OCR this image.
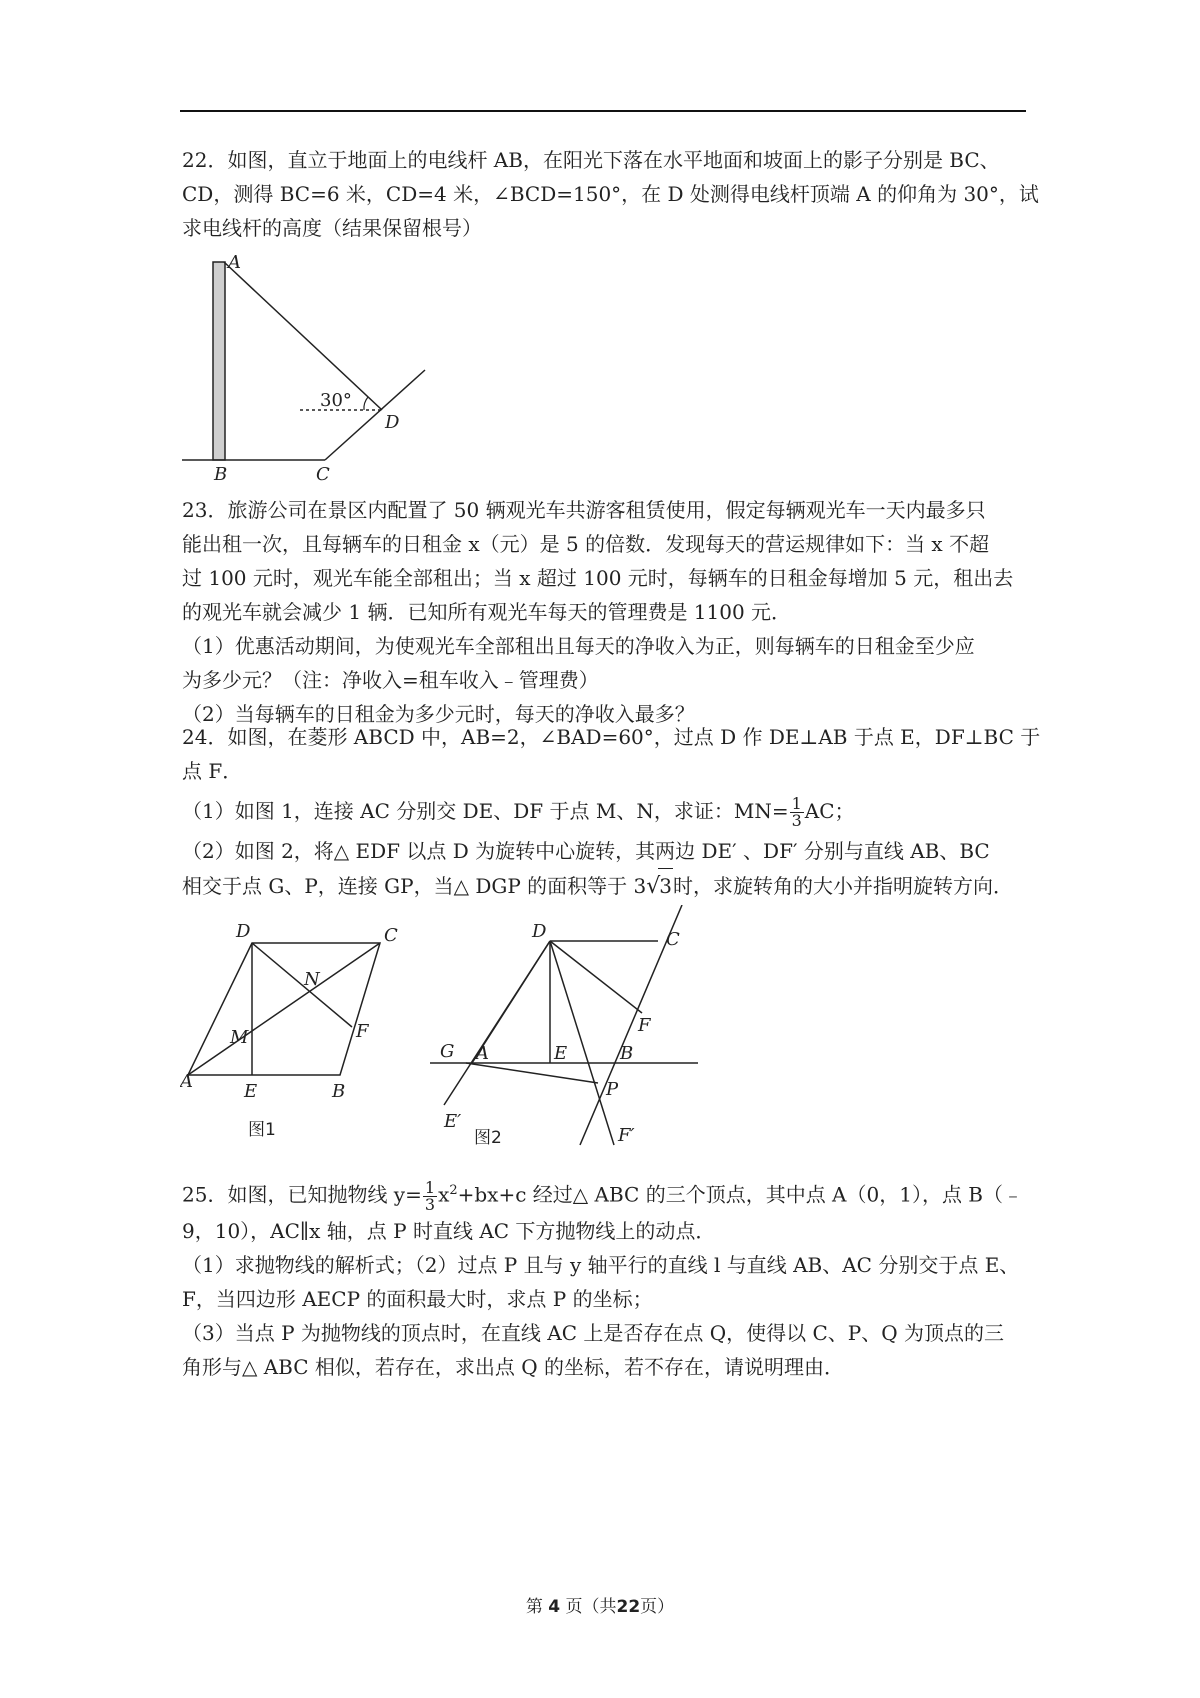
22．如图，直立于地面上的电线杆 AB，在阳光下落在水平地面和坡面上的影子分别是 BC、
CD，测得 BC=6 米，CD=4 米，∠BCD=150°，在 D 处测得电线杆顶端 A 的仰角为 30°，试
求电线杆的高度（结果保留根号）
A
B	C
D
30°
23．旅游公司在景区内配置了 50 辆观光车共游客租赁使用，假定每辆观光车一天内最多只
能出租一次，且每辆车的日租金 x（元）是 5 的倍数．发现每天的营运规律如下：当 x 不超
过 100 元时，观光车能全部租出；当 x 超过 100 元时，每辆车的日租金每增加 5 元，租出去
的观光车就会减少 1 辆．已知所有观光车每天的管理费是 1100 元．
（1）优惠活动期间，为使观光车全部租出且每天的净收入为正，则每辆车的日租金至少应
为多少元？（注：净收入=租车收入﹣管理费）
（2）当每辆车的日租金为多少元时，每天的净收入最多？
24．如图，在菱形 ABCD 中，AB=2，∠BAD=60°，过点 D 作 DE⊥AB 于点 E，DF⊥BC 于
点 F．
（1）如图 1，连接 AC 分别交 DE、DF 于点 M、N，求证：$MN= \frac{1}{3}$ AC；
（2）如图 2，将△ EDF 以点 D 为旋转中心旋转，其两边 DE′ 、DF′ 分别与直线 AB、BC
相交于点 G、P，连接 GP，当△ DGP 的面积等于 3√3时，求旋转角的大小并指明旋转方向．
D	C
N
M	F
A	E	B
图1
D	C
F
G A	E	B
P
E′
F′
图2
25．如图，已知抛物线 $y= \frac{1}{3} x^2+bx+c$ 经过△ ABC 的三个顶点，其中点 A（0，1），点 B（﹣
9，10），AC∥x 轴，点 P 时直线 AC 下方抛物线上的动点．
（1）求抛物线的解析式；（2）过点 P 且与 y 轴平行的直线 l 与直线 AB、AC 分别交于点 E、
F，当四边形 AECP 的面积最大时，求点 P 的坐标；
（3）当点 P 为抛物线的顶点时，在直线 AC 上是否存在点 Q，使得以 C、P、Q 为顶点的三
角形与△ ABC 相似，若存在，求出点 Q 的坐标，若不存在，请说明理由．
第 4 页（共22页）
